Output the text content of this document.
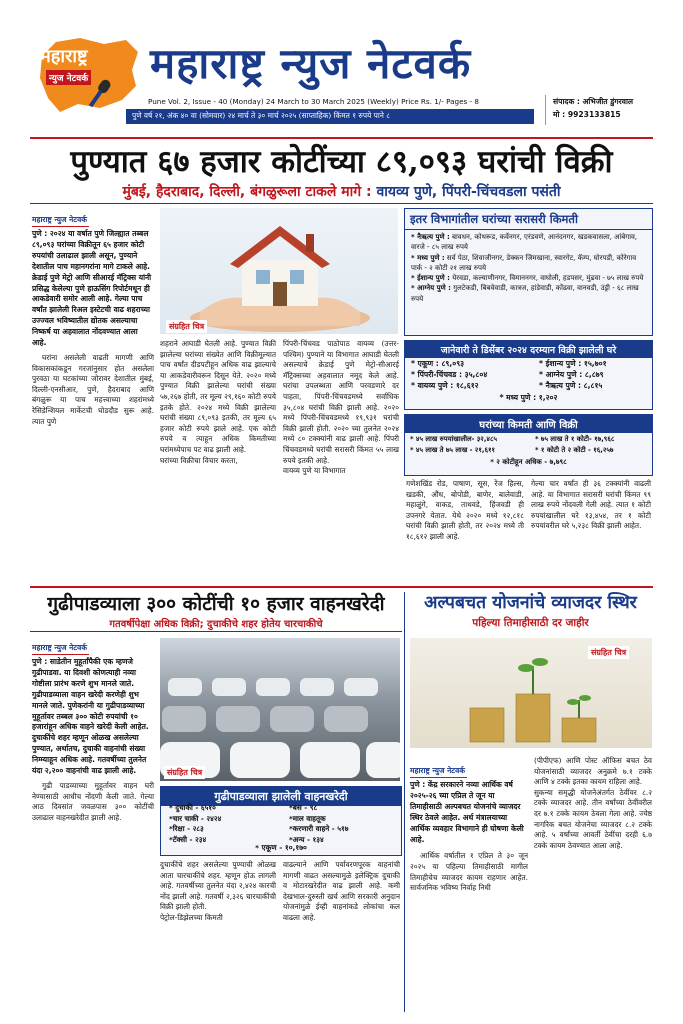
महाराष्ट्र
न्युज नेटवर्क महाराष्ट्र न्युज नेटवर्क
Pune Vol. 2, Issue - 40 (Monday) 24 March to 30 March 2025 (Weekly) Price Rs. 1/- Pages - 8
पुणे वर्ष २१, अंक ४० वा (सोमवार) २४ मार्च ते ३० मार्च २०२५ (साप्ताहिक) किंमत १ रुपये पाने ८
संपादक : अभिजीत डुंगरवाल
मो : 9923133815
पुण्यात ६७ हजार कोटींच्या ८९,०९३ घरांची विक्री
मुंबई, हैदराबाद, दिल्ली, बंगळुरूला टाकले मागे : वायव्य पुणे, पिंपरी-चिंचवडला पसंती
महाराष्ट्र न्युज नेटवर्क

पुणे : २०२४ या वर्षात पुणे जिल्ह्यात तब्बल ८९,०९३ घरांच्या विक्रीतून ६५ हजार कोटी रुपयांची उलाढाल झाली असून, पुण्याने देशातील पाच महानगरांना मागे टाकले आहे. क्रेडाई पुणे मेट्रो आणि सीआरई मॅट्रिक्स यांनी प्रसिद्ध केलेल्या पुणे हाऊसिंग रिपोर्टमधून ही आकडेवारी समोर आली आहे. गेल्या पाच वर्षांत झालेली रिअल इस्टेटची वाढ शहराच्या उज्ज्वल भविष्यातील द्योतक असल्याचा निष्कर्ष या अहवालात नोंदवण्यात आला आहे.

घरांना असलेली वाढती मागणी आणि विकासकांकडून गरजांनुसार होत असलेला पुरवठा या घटकांच्या जोरावर देशातील मुंबई, दिल्ली-एनसीआर, पुणे, हैदराबाद आणि बंगळुरू या पाच महत्त्वाच्या शहरांमध्ये रेसिडेन्शियल मार्केटची घोडदौड सुरू आहे. त्यात पुणे

संग्रहित चित्र

शहराने आघाडी घेतली आहे. पुण्यात विक्री झालेल्या घरांच्या संख्येत आणि विक्रीमूल्यात पाच वर्षांत दीडपटीहून अधिक वाढ झाल्याचे या आकडेवारीवरून दिसून येते. २०२० मध्ये पुण्यात विक्री झालेल्या घरांची संख्या ५७,२६७ होती, तर मूल्य २९,१६० कोटी रुपये इतके होते. २०२४ मध्ये विक्री झालेल्या घरांची संख्या ८९,०९३ इतकी, तर मूल्य ६५ हजार कोटी रुपये झाले आहे. एक कोटी रुपये व त्याहून अधिक किमतीच्या घरांमध्येपाच पट वाढ झाली आहे.
घरांच्या विक्रीचा विचार करता,

पिंपरी-चिंचवड पाठोपाठ वायव्य (उत्तर-पश्चिम) पुण्याने या विभागात आघाडी घेतली असल्याचे क्रेडाई पुणे मेट्रो-सीआरई मॅट्रिक्सच्या अहवालात नमूद केले आहे. घरांचा उपलब्धता आणि परवडणारे दर पाहता, पिंपरी-चिंचवडमध्ये सर्वाधिक ३५,८०४ घरांची विक्री झाली आहे. २०२० मध्ये पिंपरी-चिंचवडमध्ये १९,९३१ घरांची विक्री झाली होती. २०२० च्या तुलनेत २०२४ मध्ये ८० टक्क्यांनी वाढ झाली आहे. पिंपरी चिंचवडमध्ये घरांची सरासरी किंमत ५५ लाख रुपये इतकी आहे.
वायव्य पुणे या विभागात

इतर विभागांतील घरांच्या सरासरी किमती
* नैऋत्य पुणे : बावधन, कोथरूड, कर्वेनगर, एरंडवणे, आनंदनगर, खडकवासला, आंबेगाव, वारजे - ८५ लाख रुपये
* मध्य पुणे : सर्व पेठा, शिवाजीनगर, डेक्कन जिमखाना, स्वारगेट, कॅम्प, घोरपडी, कोरेगाव पार्क - २ कोटी २१ लाख रुपये
* ईशान्य पुणे : येरवडा, कल्याणीनगर, विमाननगर, वाघोली, हडपसर, मुंढवा - ७५ लाख रुपये
* आग्नेय पुणे : गुलटेकडी, बिबवेवाडी, कात्रज, हांडेवाडी, कोंढवा, वानवडी, उंड्री - ६८ लाख रुपये
जानेवारी ते डिसेंबर २०२४ दरम्यान विक्री झालेली घरे
* एकूण : ८९,०९३
* पिंपरी-चिंचवड : ३५,८०४
* वायव्य पुणे : १८,६१२
* ईशान्य पुणे : १५,७०१
* आग्नेय पुणे : ८,८७९
* नैऋत्य पुणे : ८,८१५
* मध्य पुणे : १,२०२
घरांच्या किमती आणि विक्री
* ४५ लाख रुपयांखालील- ३२,४८५
* ४५ लाख ते ७५ लाख - २१,६११
* ७५ लाख ते १ कोटी- १७,९६८
* १ कोटी ते २ कोटी - १६,२५७
* २ कोटीहून अधिक - ७,७९८

गणेशखिंड रोड, पाषाण, सूस, रेंज हिल्स, खडकी, औंध, बोपोडी, बाणेर, बालेवाडी, महाळुंगे, वाकड, ताथवडे, हिंजवडी ही उपनगरे येतात. येथे २०२० मध्ये १२,८१८ घरांची विक्री झाली होती, तर २०२४ मध्ये ती १८,६१२ झाली आहे.

गेल्या चार वर्षांत ही ३६ टक्क्यांनी वाढली आहे. या विभागात सरासरी घरांची किंमत ९९ लाख रुपये नोंदवली गेली आहे. त्यात १ कोटी रुपयांखालील घरे १३,४५४, तर १ कोटी रुपयांवरील घरे ५,२३८ विक्री झाली आहेत.

गुढीपाडव्याला ३०० कोटींची १० हजार वाहनखरेदी
गतवर्षीपेक्षा अधिक विक्री; दुचाकीचे शहर होतेय चारचाकीचे
महाराष्ट्र न्युज नेटवर्क

पुणे : साडेतीन मुहूर्तांपैकी एक म्हणजे गुढीपाडवा. या दिवशी कोणत्याही नव्या गोष्टीला प्रारंभ करणे शुभ मानले जाते. गुढीपाडव्याला वाहन खरेदी करणेही शुभ मानले जाते. पुणेकरांनी या गुढीपाडव्याच्या मुहूर्तावर तब्बल ३०० कोटी रुपयांची १० हजारांहून अधिक वाहने खरेदी केली आहेत. दुचाकींचे शहर म्हणून ओळख असलेल्या पुण्यात, अर्थातच, दुचाकी वाहनांची संख्या निम्म्याहून अधिक आहे. गतवर्षीच्या तुलनेत यंदा २,२०० वाहनांची वाढ झाली आहे.

गुढी पाडव्याच्या मुहूर्तावर वाहन घरी नेण्यासाठी आधीच नोंदणी केली जाते. गेल्या आठ दिवसांत जवळपास ३०० कोटींची उलाढाल वाहनखरेदीत झाली आहे.

संग्रहित चित्र
गुढीपाडव्याला झालेली वाहनखरेदी
* दुचाकी - ६५१०
*चार चाकी - २४२४
*रिक्षा - २८३
*टॅक्सी - २३४
*बस - ९८
*माल वाहतूक
*करणारी वाहने - ५१७
*अन्य - १३४
* एकूण - १०,१७०

दुचाकींचे शहर असलेल्या पुण्याची ओळख आता चारचाकींचे शहर. म्हणून होऊ लागली आहे. गतवर्षीच्या तुलनेत यंदा २,४२४ कारची नोंद झाली आहे. गतवर्षी २,३२६ चारचाकींची विक्री झाली होती.
पेट्रोल-डिझेलच्या किमती

वाढल्याने आणि पर्यावरणपूरक वाहनांची मागणी वाढत असल्यामुळे इलेक्ट्रिक दुचाकी व मोटारखरेदीत वाढ झाली आहे. कमी देखभाल-दुरुस्ती खर्च आणि सरकारी अनुदान योजनांमुळे ईव्ही वाहनांकडे लोकांचा कल वाढला आहे.

अल्पबचत योजनांचे व्याजदर स्थिर
पहिल्या तिमाहीसाठी दर जाहीर
संग्रहित चित्र
महाराष्ट्र न्युज नेटवर्क

पुणे : केंद्र सरकारने नव्या आर्थिक वर्ष २०२५-२६ च्या एप्रिल ते जून या तिमाहीसाठी अल्पबचत योजनांचे व्याजदर स्थिर ठेवले आहेत. अर्थ मंत्रालयाच्या आर्थिक व्यवहार विभागाने ही घोषणा केली आहे.

आर्थिक वर्षातील १ एप्रिल ते ३० जून २०२५ या पहिल्या तिमाहीसाठी मागील तिमाहीचेच व्याजदर कायम राहणार आहेत. सार्वजनिक भविष्य निर्वाह निधी

(पीपीएफ) आणि पोस्ट ऑफिस बचत ठेव योजनांसाठी व्याजदर अनुक्रमे ७.१ टक्के आणि ४ टक्के इतका कायम राहिला आहे.
सुकन्या समृद्धी योजनेअंतर्गत ठेवींवर ८.२ टक्के व्याजदर आहे. तीन वर्षांच्या ठेवींवरील दर ७.१ टक्के कायम ठेवला गेला आहे. ज्येष्ठ नागरिक बचत योजनेचा व्याजदर ८.२ टक्के आहे. ५ वर्षांच्या आवर्ती ठेवींचा दरही ६.७ टक्के कायम ठेवण्यात आला आहे.
